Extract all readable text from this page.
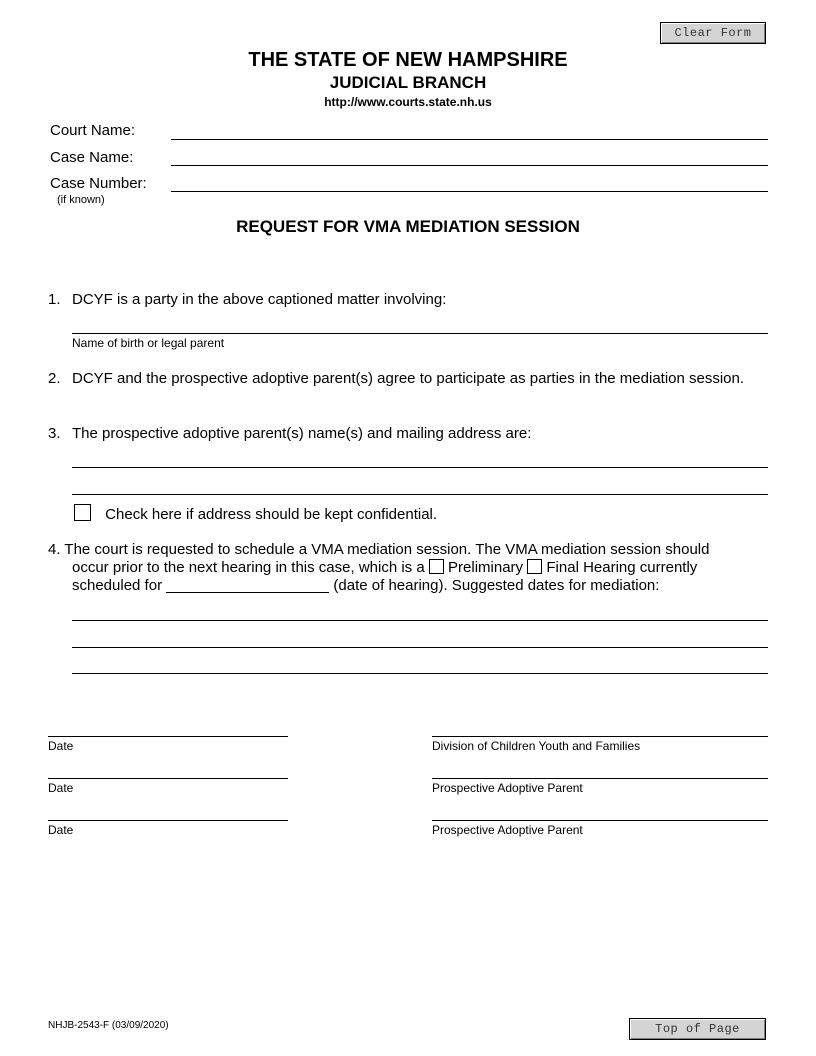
Clear Form
THE STATE OF NEW HAMPSHIRE
JUDICIAL BRANCH
http://www.courts.state.nh.us
Court Name:
Case Name:
Case Number:
(if known)
REQUEST FOR VMA MEDIATION SESSION
1. DCYF is a party in the above captioned matter involving:
Name of birth or legal parent
2. DCYF and the prospective adoptive parent(s) agree to participate as parties in the mediation session.
3. The prospective adoptive parent(s) name(s) and mailing address are:
Check here if address should be kept confidential.
4. The court is requested to schedule a VMA mediation session. The VMA mediation session should
occur prior to the next hearing in this case, which is a Preliminary Final Hearing currently
scheduled for	(date of hearing). Suggested dates for mediation:
Date	Division of Children Youth and Families
Date	Prospective Adoptive Parent
Date	Prospective Adoptive Parent
NHJB-2543-F (03/09/2020)	Top of Page
